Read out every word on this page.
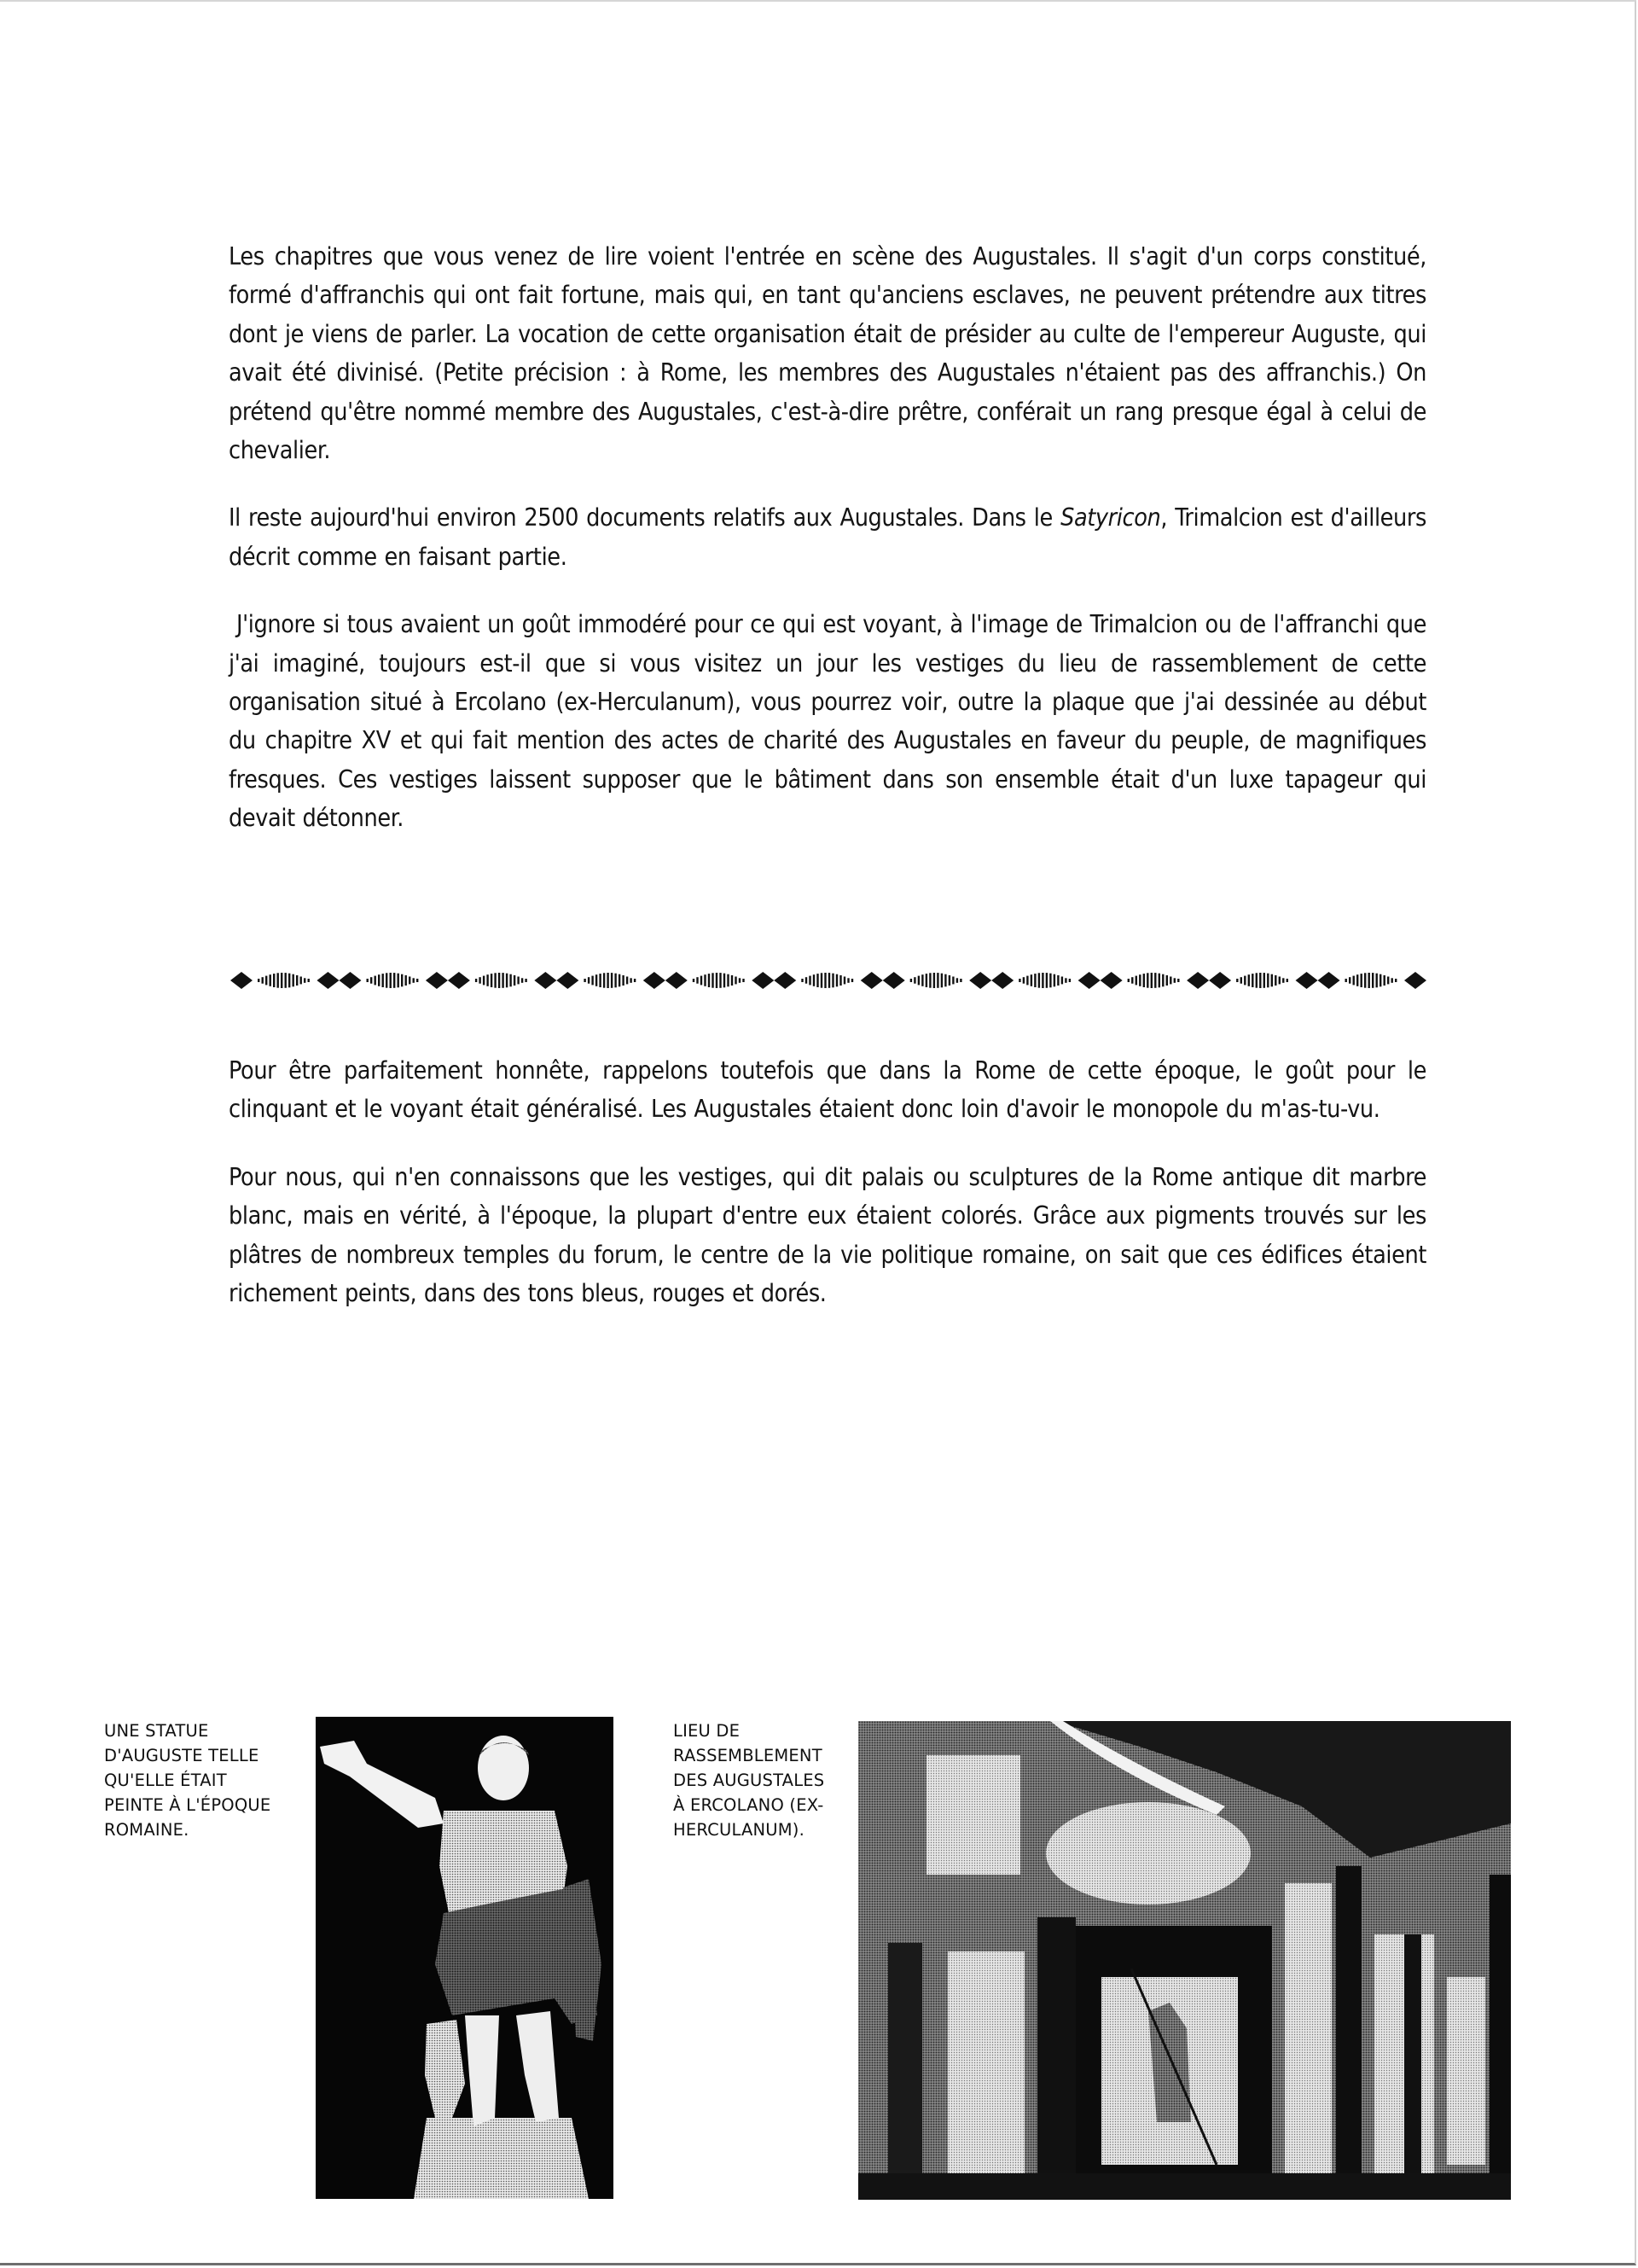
Les chapitres que vous venez de lire voient l'entrée en scène des Augustales. Il s'agit d'un corps constitué, formé d'affranchis qui ont fait fortune, mais qui, en tant qu'anciens esclaves, ne peuvent prétendre aux titres dont je viens de parler. La vocation de cette organisation était de présider au culte de l'empereur Auguste, qui avait été divinisé. (Petite précision : à Rome, les membres des Augustales n'étaient pas des affranchis.) On prétend qu'être nommé membre des Augustales, c'est-à-dire prêtre, conférait un rang presque égal à celui de chevalier.

Il reste aujourd'hui environ 2500 documents relatifs aux Augustales. Dans le Satyricon, Trimalcion est d'ailleurs décrit comme en faisant partie.

J'ignore si tous avaient un goût immodéré pour ce qui est voyant, à l'image de Trimalcion ou de l'affranchi que j'ai imaginé, toujours est-il que si vous visitez un jour les vestiges du lieu de rassemblement de cette organisation situé à Ercolano (ex-Herculanum), vous pourrez voir, outre la plaque que j'ai dessinée au début du chapitre XV et qui fait mention des actes de charité des Augustales en faveur du peuple, de magnifiques fresques. Ces vestiges laissent supposer que le bâtiment dans son ensemble était d'un luxe tapageur qui devait détonner.

Pour être parfaitement honnête, rappelons toutefois que dans la Rome de cette époque, le goût pour le clinquant et le voyant était généralisé. Les Augustales étaient donc loin d'avoir le monopole du m'as-tu-vu.

Pour nous, qui n'en connaissons que les vestiges, qui dit palais ou sculptures de la Rome antique dit marbre blanc, mais en vérité, à l'époque, la plupart d'entre eux étaient colorés. Grâce aux pigments trouvés sur les plâtres de nombreux temples du forum, le centre de la vie politique romaine, on sait que ces édifices étaient richement peints, dans des tons bleus, rouges et dorés.

UNE STATUE
D'AUGUSTE TELLE
QU'ELLE ÉTAIT
PEINTE À L'ÉPOQUE
ROMAINE.
LIEU DE
RASSEMBLEMENT
DES AUGUSTALES
À ERCOLANO (EX-
HERCULANUM).
